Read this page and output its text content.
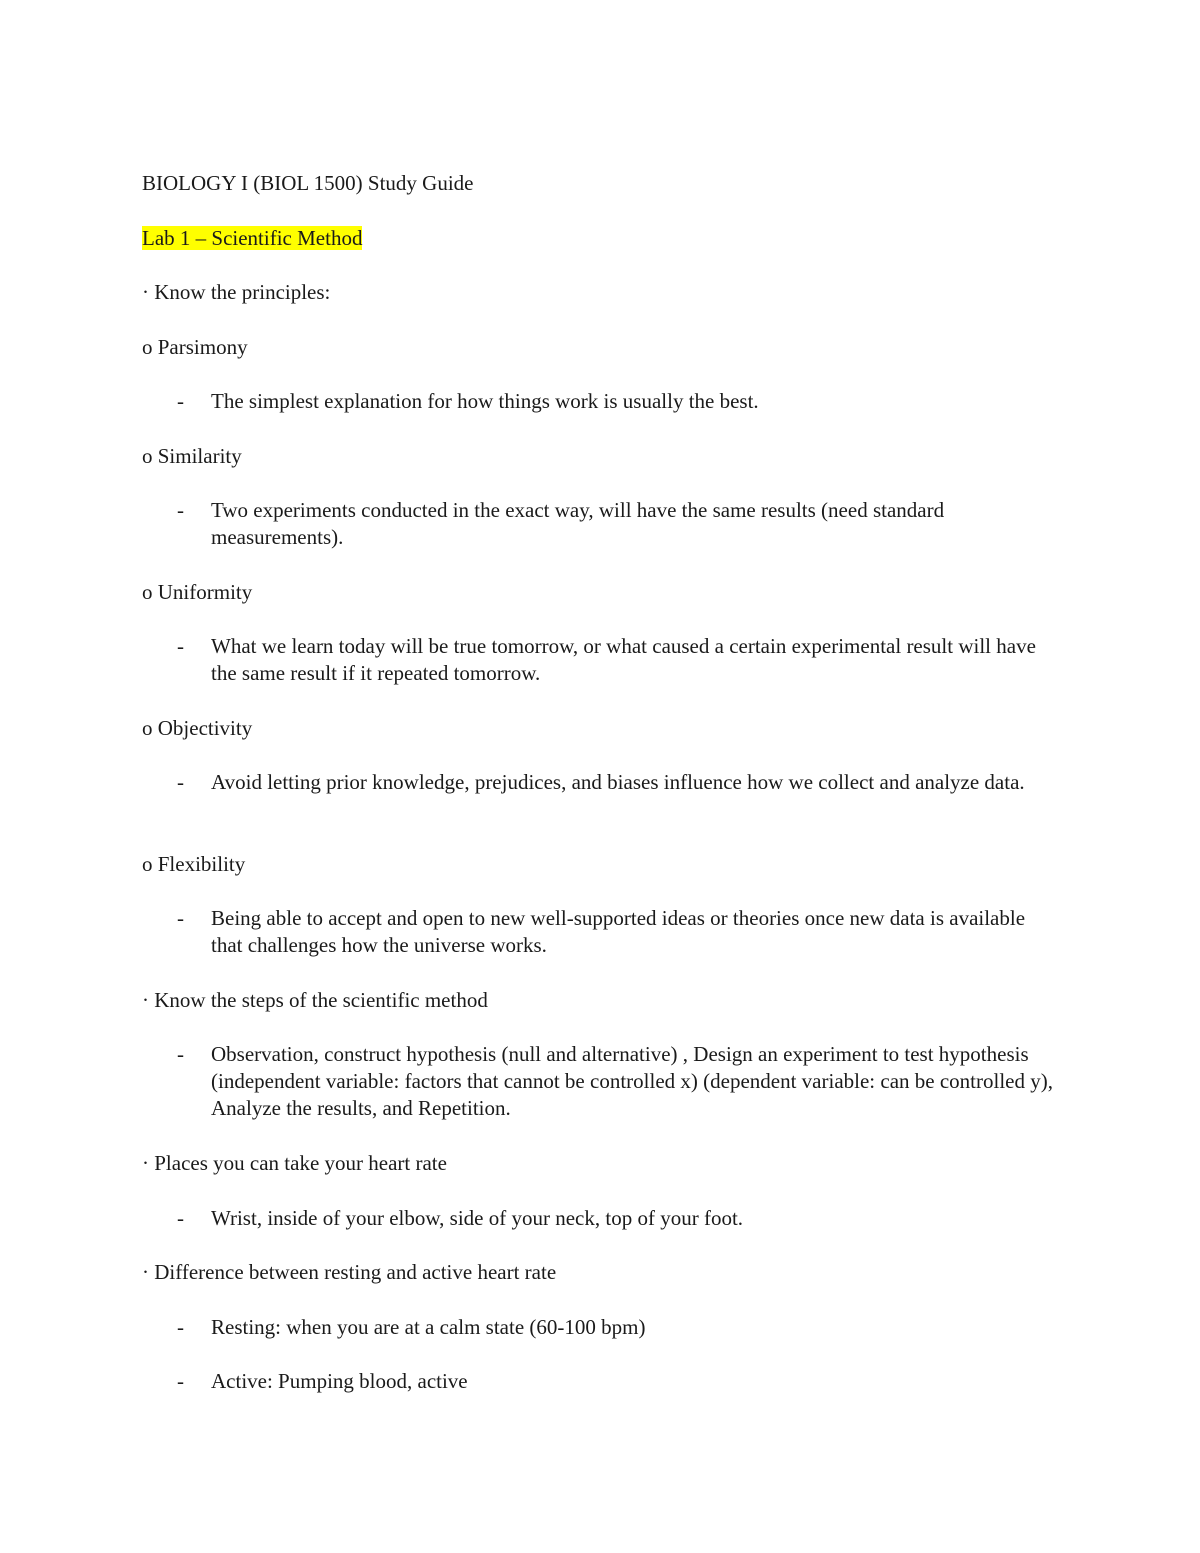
BIOLOGY I (BIOL 1500) Study Guide
Lab 1 – Scientific Method
· Know the principles:
o Parsimony
- The simplest explanation for how things work is usually the best.
o Similarity
- Two experiments conducted in the exact way, will have the same results (need standard measurements).
o Uniformity
- What we learn today will be true tomorrow, or what caused a certain experimental result will have the same result if it repeated tomorrow.
o Objectivity
- Avoid letting prior knowledge, prejudices, and biases influence how we collect and analyze data.
o Flexibility
- Being able to accept and open to new well-supported ideas or theories once new data is available that challenges how the universe works.
· Know the steps of the scientific method
- Observation, construct hypothesis (null and alternative) , Design an experiment to test hypothesis (independent variable: factors that cannot be controlled x) (dependent variable: can be controlled y), Analyze the results, and Repetition.
· Places you can take your heart rate
- Wrist, inside of your elbow, side of your neck, top of your foot.
· Difference between resting and active heart rate
- Resting: when you are at a calm state (60-100 bpm)
- Active: Pumping blood, active
